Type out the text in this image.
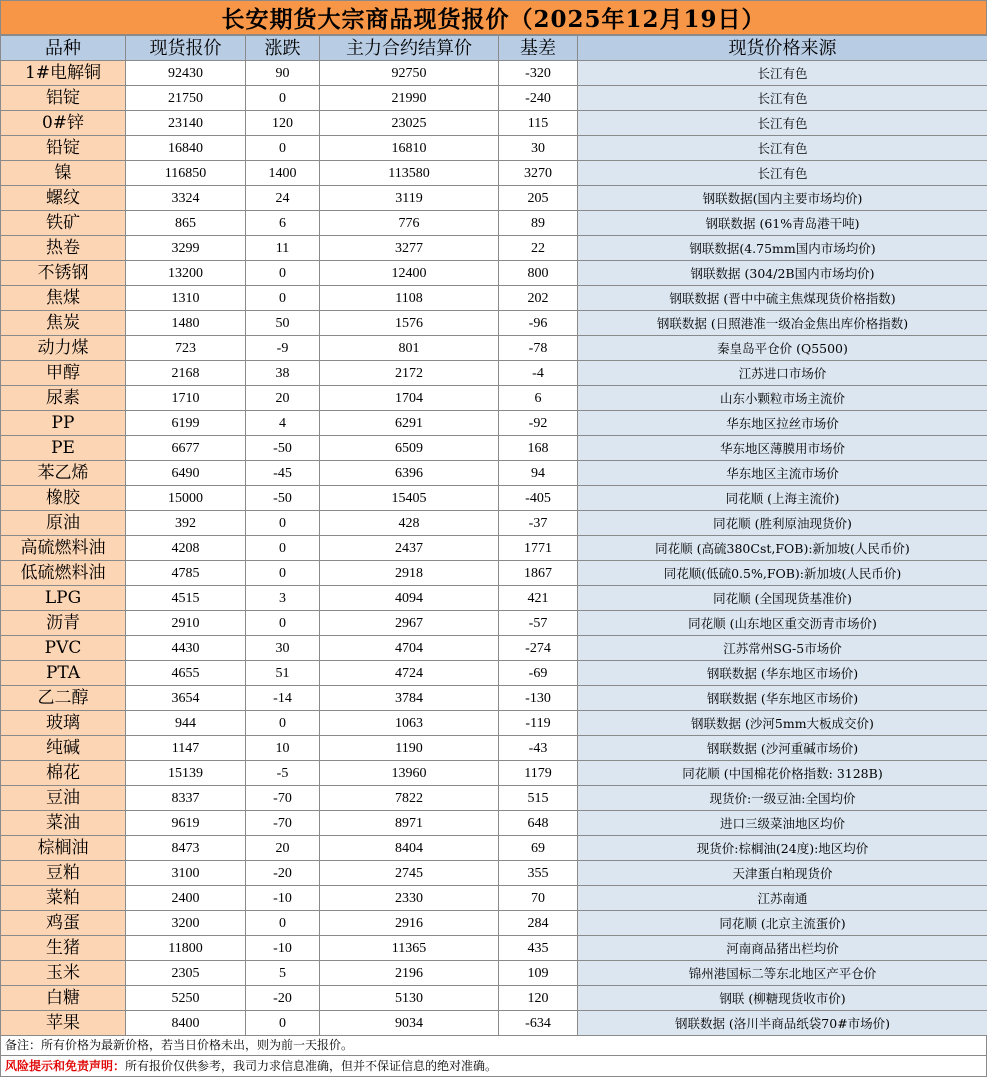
长安期货大宗商品现货报价（2025年12月19日）
品种	现货报价	涨跌	主力合约结算价	基差	现货价格来源
1#电解铜	92430	90	92750	-320	长江有色
铝锭	21750	0	21990	-240	长江有色
0#锌	23140	120	23025	115	长江有色
铅锭	16840	0	16810	30	长江有色
镍	116850	1400	113580	3270	长江有色
螺纹	3324	24	3119	205	钢联数据(国内主要市场均价)
铁矿	865	6	776	89	钢联数据 (61%青岛港干吨)
热卷	3299	11	3277	22	钢联数据(4.75mm国内市场均价)
不锈钢	13200	0	12400	800	钢联数据 (304/2B国内市场均价)
焦煤	1310	0	1108	202	钢联数据 (晋中中硫主焦煤现货价格指数)
焦炭	1480	50	1576	-96	钢联数据 (日照港准一级冶金焦出库价格指数)
动力煤	723	-9	801	-78	秦皇岛平仓价 (Q5500)
甲醇	2168	38	2172	-4	江苏进口市场价
尿素	1710	20	1704	6	山东小颗粒市场主流价
PP	6199	4	6291	-92	华东地区拉丝市场价
PE	6677	-50	6509	168	华东地区薄膜用市场价
苯乙烯	6490	-45	6396	94	华东地区主流市场价
橡胶	15000	-50	15405	-405	同花顺 (上海主流价)
原油	392	0	428	-37	同花顺 (胜利原油现货价)
高硫燃料油	4208	0	2437	1771	同花顺 (高硫380Cst,FOB):新加坡(人民币价)
低硫燃料油	4785	0	2918	1867	同花顺(低硫0.5%,FOB):新加坡(人民币价)
LPG	4515	3	4094	421	同花顺 (全国现货基准价)
沥青	2910	0	2967	-57	同花顺 (山东地区重交沥青市场价)
PVC	4430	30	4704	-274	江苏常州SG-5市场价
PTA	4655	51	4724	-69	钢联数据 (华东地区市场价)
乙二醇	3654	-14	3784	-130	钢联数据 (华东地区市场价)
玻璃	944	0	1063	-119	钢联数据 (沙河5mm大板成交价)
纯碱	1147	10	1190	-43	钢联数据 (沙河重碱市场价)
棉花	15139	-5	13960	1179	同花顺 (中国棉花价格指数: 3128B)
豆油	8337	-70	7822	515	现货价:一级豆油:全国均价
菜油	9619	-70	8971	648	进口三级菜油地区均价
棕榈油	8473	20	8404	69	现货价:棕榈油(24度):地区均价
豆粕	3100	-20	2745	355	天津蛋白粕现货价
菜粕	2400	-10	2330	70	江苏南通
鸡蛋	3200	0	2916	284	同花顺 (北京主流蛋价)
生猪	11800	-10	11365	435	河南商品猪出栏均价
玉米	2305	5	2196	109	锦州港国标二等东北地区产平仓价
白糖	5250	-20	5130	120	钢联 (柳糖现货收市价)
苹果	8400	0	9034	-634	钢联数据 (洛川半商品纸袋70#市场价)
备注：所有价格为最新价格，若当日价格未出，则为前一天报价。
风险提示和免责声明：所有报价仅供参考，我司力求信息准确，但并不保证信息的绝对准确。
